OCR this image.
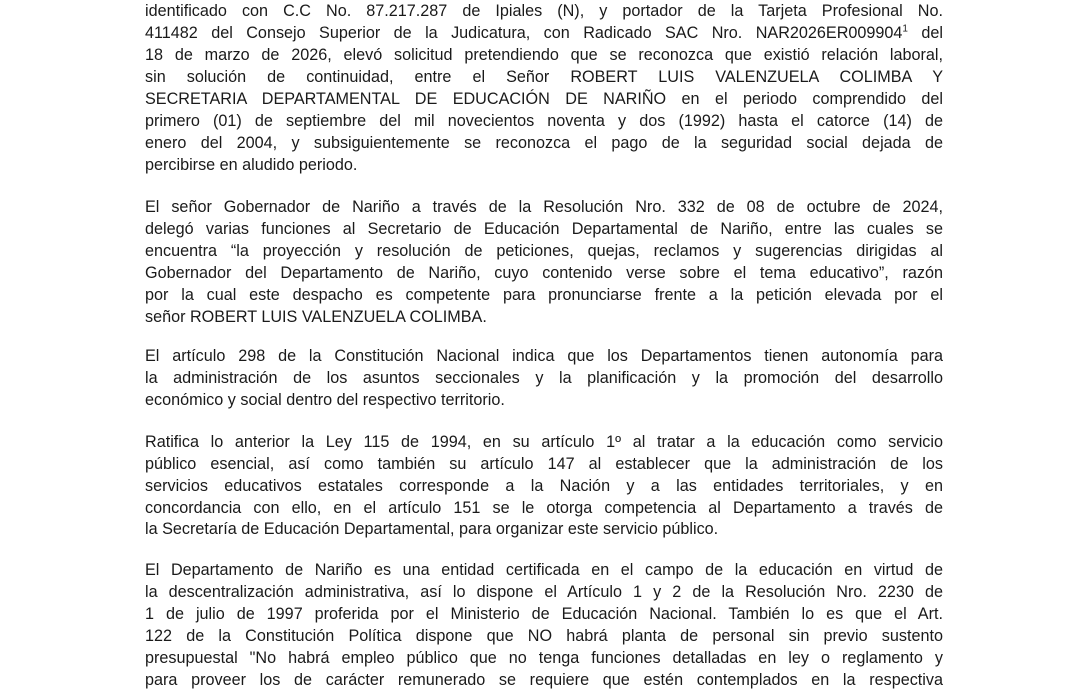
identificado con C.C No. 87.217.287 de Ipiales (N), y portador de la Tarjeta Profesional No.
411482 del Consejo Superior de la Judicatura, con Radicado SAC Nro. NAR2026ER009904$^1$ del
18 de marzo de 2026, elevó solicitud pretendiendo que se reconozca que existió relación laboral,
sin solución de continuidad, entre el Señor ROBERT LUIS VALENZUELA COLIMBA Y
SECRETARIA DEPARTAMENTAL DE EDUCACIÓN DE NARIÑO en el periodo comprendido del
primero (01) de septiembre del mil novecientos noventa y dos (1992) hasta el catorce (14) de
enero del 2004, y subsiguientemente se reconozca el pago de la seguridad social dejada de
percibirse en aludido periodo.
El señor Gobernador de Nariño a través de la Resolución Nro. 332 de 08 de octubre de 2024,
delegó varias funciones al Secretario de Educación Departamental de Nariño, entre las cuales se
encuentra “la proyección y resolución de peticiones, quejas, reclamos y sugerencias dirigidas al
Gobernador del Departamento de Nariño, cuyo contenido verse sobre el tema educativo”, razón
por la cual este despacho es competente para pronunciarse frente a la petición elevada por el
señor ROBERT LUIS VALENZUELA COLIMBA.
El artículo 298 de la Constitución Nacional indica que los Departamentos tienen autonomía para
la administración de los asuntos seccionales y la planificación y la promoción del desarrollo
económico y social dentro del respectivo territorio.
Ratifica lo anterior la Ley 115 de 1994, en su artículo 1º al tratar a la educación como servicio
público esencial, así como también su artículo 147 al establecer que la administración de los
servicios educativos estatales corresponde a la Nación y a las entidades territoriales, y en
concordancia con ello, en el artículo 151 se le otorga competencia al Departamento a través de
la Secretaría de Educación Departamental, para organizar este servicio público.
El Departamento de Nariño es una entidad certificada en el campo de la educación en virtud de
la descentralización administrativa, así lo dispone el Artículo 1 y 2 de la Resolución Nro. 2230 de
1 de julio de 1997 proferida por el Ministerio de Educación Nacional. También lo es que el Art.
122 de la Constitución Política dispone que NO habrá planta de personal sin previo sustento
presupuestal "No habrá empleo público que no tenga funciones detalladas en ley o reglamento y
para proveer los de carácter remunerado se requiere que estén contemplados en la respectiva
